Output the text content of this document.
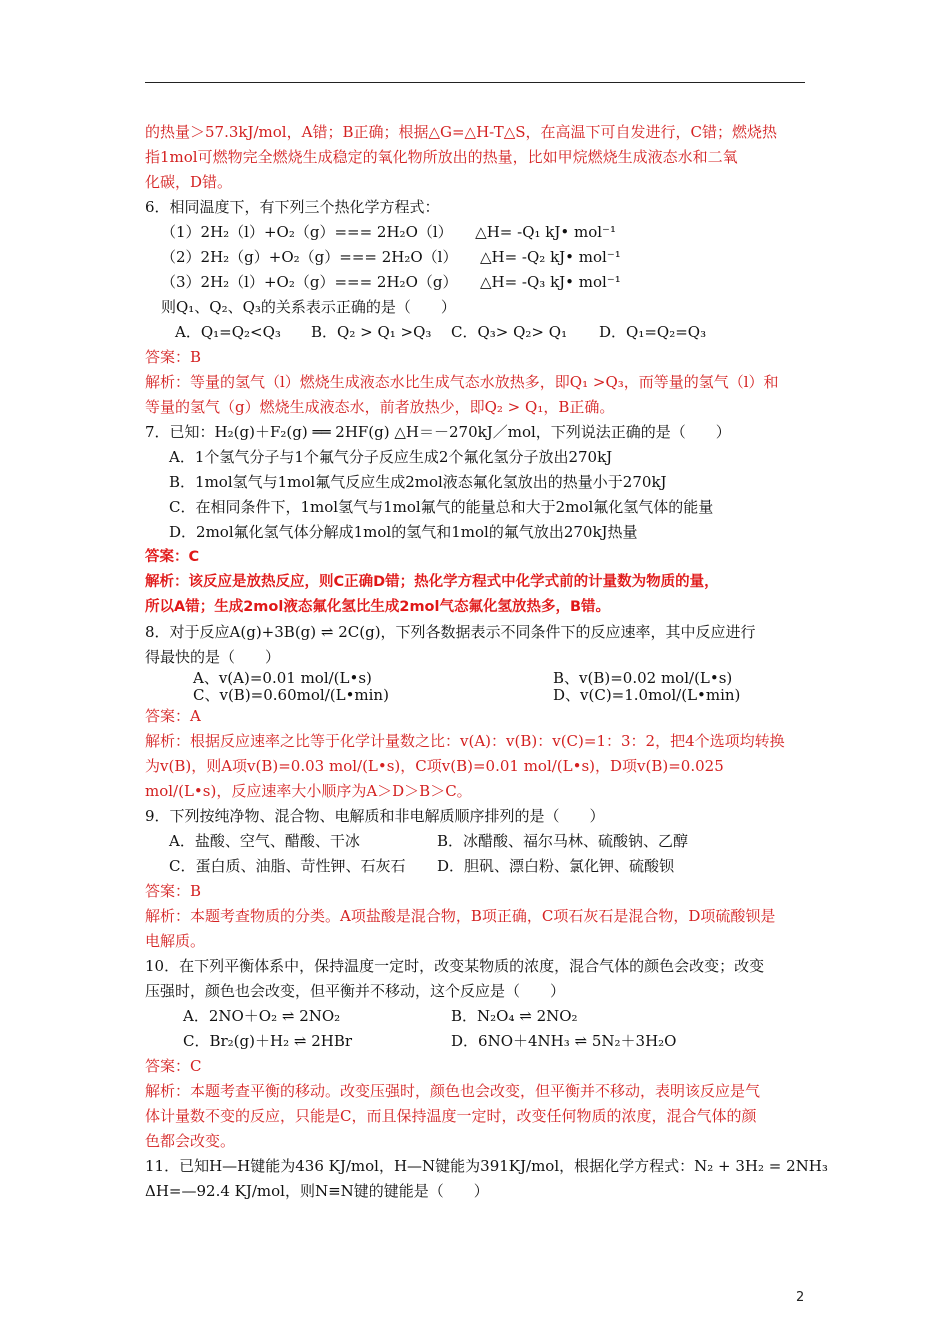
的热量＞57.3kJ/mol，A错；B正确；根据△G=△H-T△S，在高温下可自发进行，C错；燃烧热
指1mol可燃物完全燃烧生成稳定的氧化物所放出的热量，比如甲烷燃烧生成液态水和二氧
化碳，D错。
6．相同温度下，有下列三个热化学方程式：
（1）2H₂（l）+O₂（g）=== 2H₂O（l）　　△H= -Q₁ kJ• mol⁻¹
（2）2H₂（g）+O₂（g）=== 2H₂O（l）　　△H= -Q₂ kJ• mol⁻¹
（3）2H₂（l）+O₂（g）=== 2H₂O（g）　　△H= -Q₃ kJ• mol⁻¹
则Q₁、Q₂、Q₃的关系表示正确的是（　　）
A．Q₁=Q₂<Q₃	B．Q₂ > Q₁ >Q₃	C．Q₃> Q₂> Q₁	D．Q₁=Q₂=Q₃
答案：B
解析：等量的氢气（l）燃烧生成液态水比生成气态水放热多，即Q₁ >Q₃，而等量的氢气（l）和
等量的氢气（g）燃烧生成液态水，前者放热少，即Q₂ > Q₁，B正确。
7．已知：H₂(g)＋F₂(g) ══ 2HF(g) △H＝－270kJ／mol，下列说法正确的是（　　）
A．1个氢气分子与1个氟气分子反应生成2个氟化氢分子放出270kJ
B．1mol氢气与1mol氟气反应生成2mol液态氟化氢放出的热量小于270kJ
C．在相同条件下，1mol氢气与1mol氟气的能量总和大于2mol氟化氢气体的能量
D．2mol氟化氢气体分解成1mol的氢气和1mol的氟气放出270kJ热量
答案：C
解析：该反应是放热反应，则C正确D错；热化学方程式中化学式前的计量数为物质的量，
所以A错；生成2mol液态氟化氢比生成2mol气态氟化氢放热多，B错。
8．对于反应A(g)+3B(g) ⇌ 2C(g)，下列各数据表示不同条件下的反应速率，其中反应进行
得最快的是（　　）
A、v(A)=0.01 mol/(L•s)	B、v(B)=0.02 mol/(L•s)
C、v(B)=0.60mol/(L•min)	D、v(C)=1.0mol/(L•min)
答案：A
解析：根据反应速率之比等于化学计量数之比：v(A)：v(B)：v(C)=1：3：2，把4个选项均转换
为v(B)，则A项v(B)=0.03 mol/(L•s)，C项v(B)=0.01 mol/(L•s)，D项v(B)=0.025
mol/(L•s)，反应速率大小顺序为A＞D＞B＞C。
9．下列按纯净物、混合物、电解质和非电解质顺序排列的是（　　）
A．盐酸、空气、醋酸、干冰	B．冰醋酸、福尔马林、硫酸钠、乙醇
C．蛋白质、油脂、苛性钾、石灰石	D．胆矾、漂白粉、氯化钾、硫酸钡
答案：B
解析：本题考查物质的分类。A项盐酸是混合物，B项正确，C项石灰石是混合物，D项硫酸钡是
电解质。
10．在下列平衡体系中，保持温度一定时，改变某物质的浓度，混合气体的颜色会改变；改变
压强时，颜色也会改变，但平衡并不移动，这个反应是（　　）
A．2NO＋O₂ ⇌ 2NO₂	B．N₂O₄ ⇌ 2NO₂
C．Br₂(g)＋H₂ ⇌ 2HBr	D．6NO＋4NH₃ ⇌ 5N₂＋3H₂O
答案：C
解析：本题考查平衡的移动。改变压强时，颜色也会改变，但平衡并不移动，表明该反应是气
体计量数不变的反应，只能是C，而且保持温度一定时，改变任何物质的浓度，混合气体的颜
色都会改变。
11．已知H—H键能为436 KJ/mol，H—N键能为391KJ/mol，根据化学方程式：N₂ + 3H₂ = 2NH₃
ΔH=—92.4 KJ/mol，则N≡N键的键能是（　　）
2
